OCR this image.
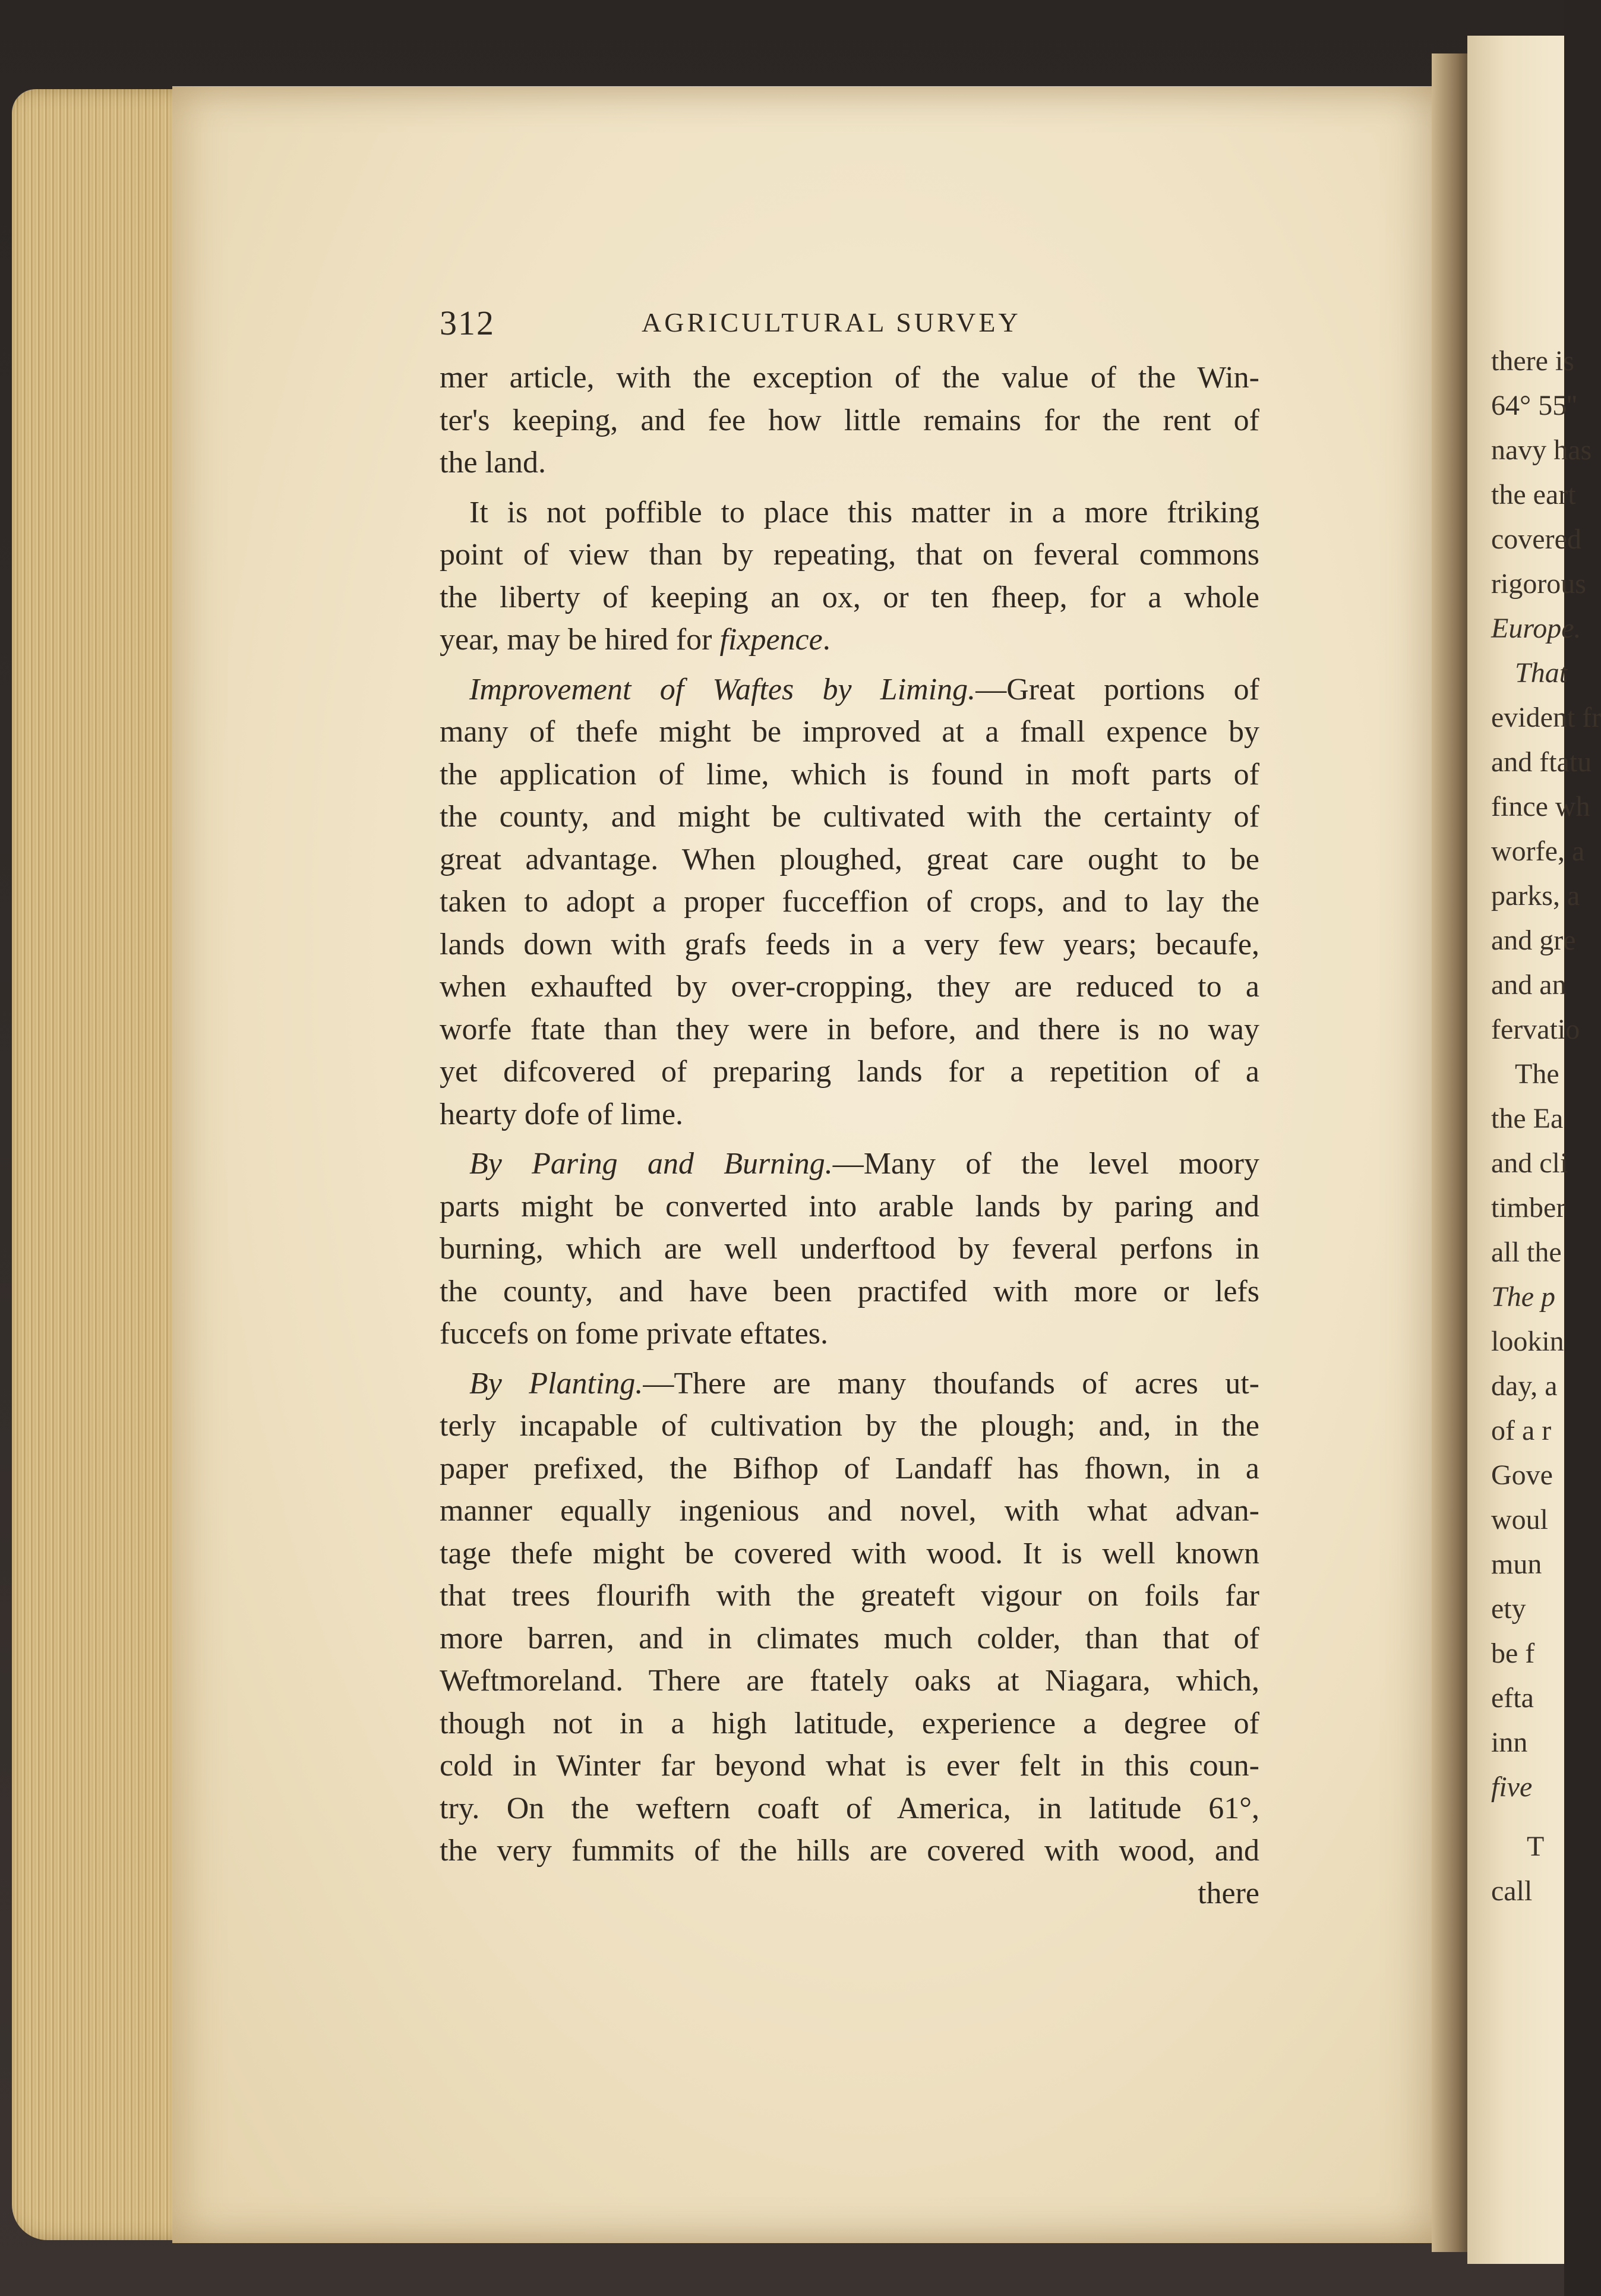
there is
64° 55''
navy has
the eart
covered
rigorous
Europe.
That
evident fr
and ftatu
fince wh
worfe, a
parks, a
and gre
and an
fervatio
The
the Ea
and cli
timber
all the
The p
lookin
day, a
of a r
Gove
woul
mun
ety
be f
efta
inn
five
T
call
312	AGRICULTURAL SURVEY
mer article, with the exception of the value of the Win-
ter's keeping, and fee how little remains for the rent of
the land.
It is not poffible to place this matter in a more ftriking
point of view than by repeating, that on feveral commons
the liberty of keeping an ox, or ten fheep, for a whole
year, may be hired for fixpence.
Improvement of Waftes by Liming.—Great portions of
many of thefe might be improved at a fmall expence by
the application of lime, which is found in moft parts of
the county, and might be cultivated with the certainty of
great advantage. When ploughed, great care ought to be
taken to adopt a proper fucceffion of crops, and to lay the
lands down with grafs feeds in a very few years; becaufe,
when exhaufted by over-cropping, they are reduced to a
worfe ftate than they were in before, and there is no way
yet difcovered of preparing lands for a repetition of a
hearty dofe of lime.
By Paring and Burning.—Many of the level moory
parts might be converted into arable lands by paring and
burning, which are well underftood by feveral perfons in
the county, and have been practifed with more or lefs
fuccefs on fome private eftates.
By Planting.—There are many thoufands of acres ut-
terly incapable of cultivation by the plough; and, in the
paper prefixed, the Bifhop of Landaff has fhown, in a
manner equally ingenious and novel, with what advan-
tage thefe might be covered with wood. It is well known
that trees flourifh with the greateft vigour on foils far
more barren, and in climates much colder, than that of
Weftmoreland. There are ftately oaks at Niagara, which,
though not in a high latitude, experience a degree of
cold in Winter far beyond what is ever felt in this coun-
try. On the weftern coaft of America, in latitude 61°,
the very fummits of the hills are covered with wood, and
there
